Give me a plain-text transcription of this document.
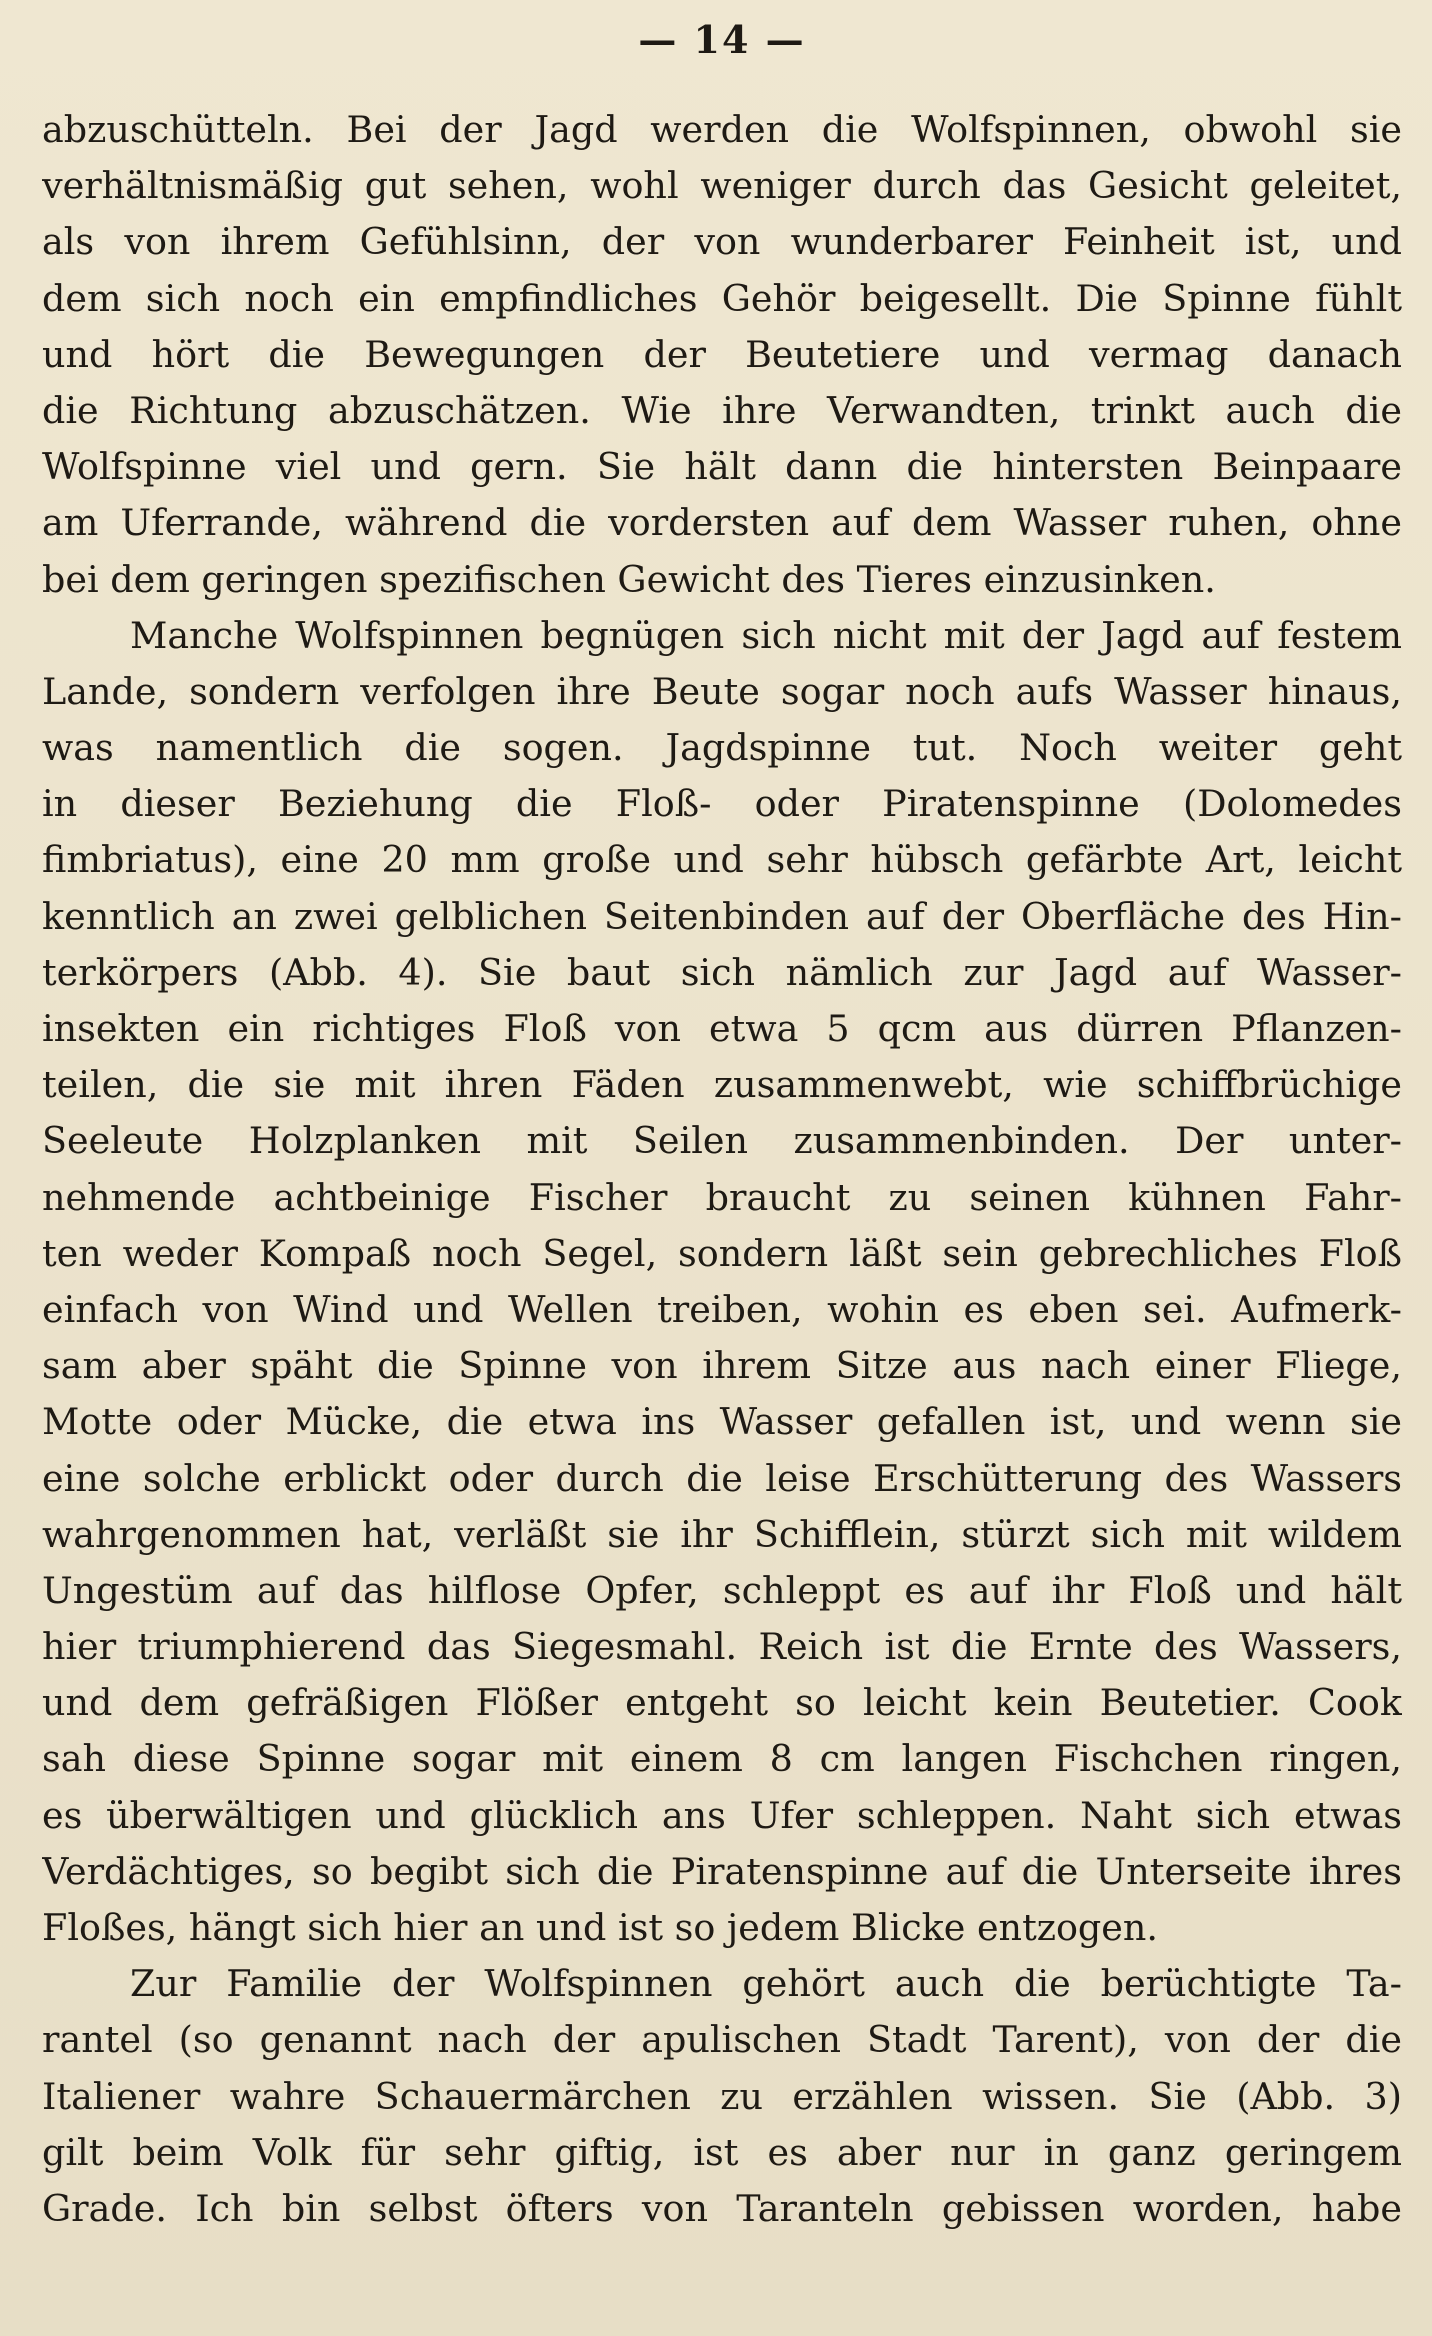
— 14 —
abzuschütteln. Bei der Jagd werden die Wolfspinnen, obwohl sie
verhältnismäßig gut sehen, wohl weniger durch das Gesicht geleitet,
als von ihrem Gefühlsinn, der von wunderbarer Feinheit ist, und
dem sich noch ein empfindliches Gehör beigesellt. Die Spinne fühlt
und hört die Bewegungen der Beutetiere und vermag danach
die Richtung abzuschätzen. Wie ihre Verwandten, trinkt auch die
Wolfspinne viel und gern. Sie hält dann die hintersten Beinpaare
am Uferrande, während die vordersten auf dem Wasser ruhen, ohne
bei dem geringen spezifischen Gewicht des Tieres einzusinken.
Manche Wolfspinnen begnügen sich nicht mit der Jagd auf festem
Lande, sondern verfolgen ihre Beute sogar noch aufs Wasser hinaus,
was namentlich die sogen. Jagdspinne tut. Noch weiter geht
in dieser Beziehung die Floß- oder Piratenspinne (Dolomedes
fimbriatus), eine 20 mm große und sehr hübsch gefärbte Art, leicht
kenntlich an zwei gelblichen Seitenbinden auf der Oberfläche des Hin-
terkörpers (Abb. 4). Sie baut sich nämlich zur Jagd auf Wasser-
insekten ein richtiges Floß von etwa 5 qcm aus dürren Pflanzen-
teilen, die sie mit ihren Fäden zusammenwebt, wie schiffbrüchige
Seeleute Holzplanken mit Seilen zusammenbinden. Der unter-
nehmende achtbeinige Fischer braucht zu seinen kühnen Fahr-
ten weder Kompaß noch Segel, sondern läßt sein gebrechliches Floß
einfach von Wind und Wellen treiben, wohin es eben sei. Aufmerk-
sam aber späht die Spinne von ihrem Sitze aus nach einer Fliege,
Motte oder Mücke, die etwa ins Wasser gefallen ist, und wenn sie
eine solche erblickt oder durch die leise Erschütterung des Wassers
wahrgenommen hat, verläßt sie ihr Schifflein, stürzt sich mit wildem
Ungestüm auf das hilflose Opfer, schleppt es auf ihr Floß und hält
hier triumphierend das Siegesmahl. Reich ist die Ernte des Wassers,
und dem gefräßigen Flößer entgeht so leicht kein Beutetier. Cook
sah diese Spinne sogar mit einem 8 cm langen Fischchen ringen,
es überwältigen und glücklich ans Ufer schleppen. Naht sich etwas
Verdächtiges, so begibt sich die Piratenspinne auf die Unterseite ihres
Floßes, hängt sich hier an und ist so jedem Blicke entzogen.
Zur Familie der Wolfspinnen gehört auch die berüchtigte Ta-
rantel (so genannt nach der apulischen Stadt Tarent), von der die
Italiener wahre Schauermärchen zu erzählen wissen. Sie (Abb. 3)
gilt beim Volk für sehr giftig, ist es aber nur in ganz geringem
Grade. Ich bin selbst öfters von Taranteln gebissen worden, habe
